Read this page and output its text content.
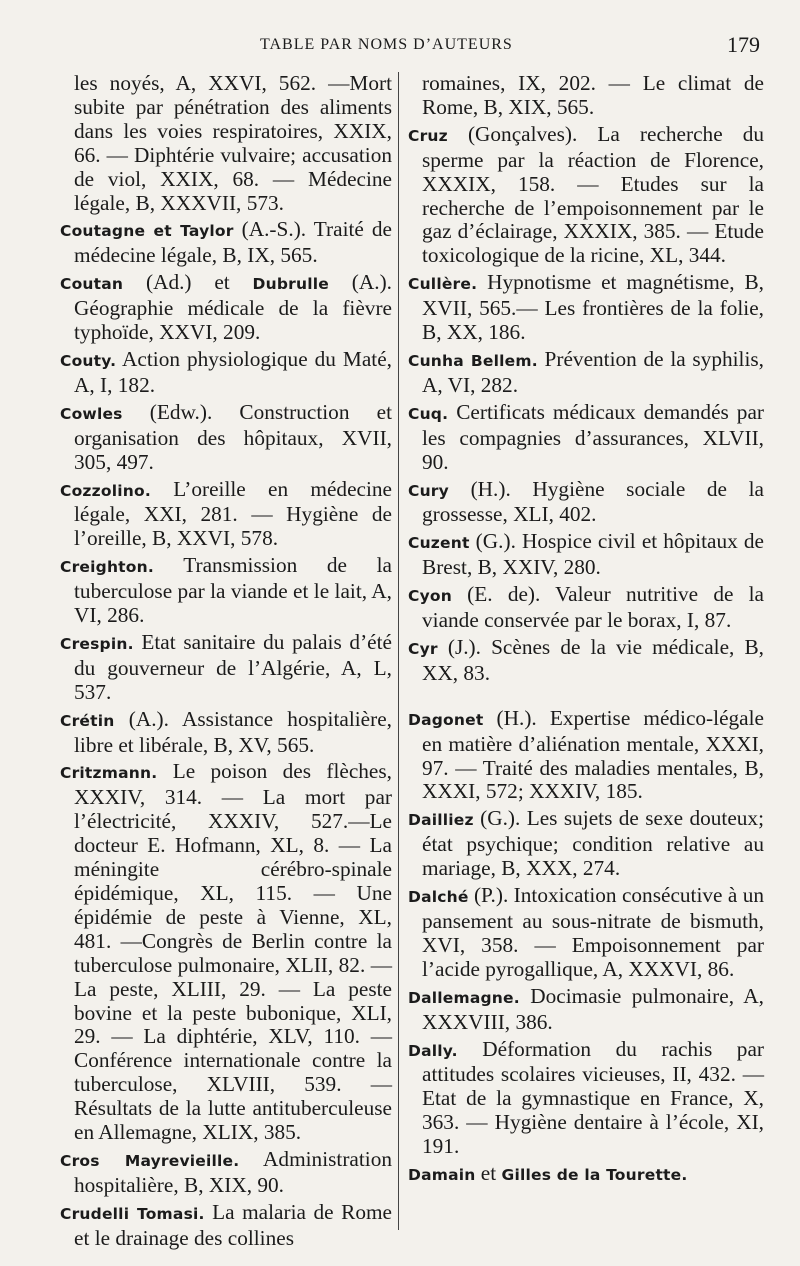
TABLE PAR NOMS D’AUTEURS	179

les noyés, A, XXVI, 562. —Mort subite par pénétration des aliments dans les voies respiratoires, XXIX, 66. — Diphtérie vulvaire; accusation de viol, XXIX, 68. — Médecine légale, B, XXXVII, 573.

Coutagne et Taylor (A.-S.). Traité de médecine légale, B, IX, 565.

Coutan (Ad.) et Dubrulle (A.). Géographie médicale de la fièvre typhoïde, XXVI, 209.

Couty. Action physiologique du Maté, A, I, 182.

Cowles (Edw.). Construction et organisation des hôpitaux, XVII, 305, 497.

Cozzolino. L’oreille en médecine légale, XXI, 281. — Hygiène de l’oreille, B, XXVI, 578.

Creighton. Transmission de la tuberculose par la viande et le lait, A, VI, 286.

Crespin. Etat sanitaire du palais d’été du gouverneur de l’Algérie, A, L, 537.

Crétin (A.). Assistance hospitalière, libre et libérale, B, XV, 565.

Critzmann. Le poison des flèches, XXXIV, 314. — La mort par l’électricité, XXXIV, 527.—Le docteur E. Hofmann, XL, 8. — La méningite cérébro-spinale épidémique, XL, 115. — Une épidémie de peste à Vienne, XL, 481. —Congrès de Berlin contre la tuberculose pulmonaire, XLII, 82. — La peste, XLIII, 29. — La peste bovine et la peste bubonique, XLI, 29. — La diphtérie, XLV, 110. — Conférence internationale contre la tuberculose, XLVIII, 539. — Résultats de la lutte antituberculeuse en Allemagne, XLIX, 385.

Cros Mayrevieille. Administration hospitalière, B, XIX, 90.

Crudelli Tomasi. La malaria de Rome et le drainage des collines

romaines, IX, 202. — Le climat de Rome, B, XIX, 565.

Cruz (Gonçalves). La recherche du sperme par la réaction de Florence, XXXIX, 158. — Etudes sur la recherche de l’empoisonnement par le gaz d’éclairage, XXXIX, 385. — Etude toxicologique de la ricine, XL, 344.

Cullère. Hypnotisme et magnétisme, B, XVII, 565.— Les frontières de la folie, B, XX, 186.

Cunha Bellem. Prévention de la syphilis, A, VI, 282.

Cuq. Certificats médicaux demandés par les compagnies d’assurances, XLVII, 90.

Cury (H.). Hygiène sociale de la grossesse, XLI, 402.

Cuzent (G.). Hospice civil et hôpitaux de Brest, B, XXIV, 280.

Cyon (E. de). Valeur nutritive de la viande conservée par le borax, I, 87.

Cyr (J.). Scènes de la vie médicale, B, XX, 83.

Dagonet (H.). Expertise médico-légale en matière d’aliénation mentale, XXXI, 97. — Traité des maladies mentales, B, XXXI, 572; XXXIV, 185.

Dailliez (G.). Les sujets de sexe douteux; état psychique; condition relative au mariage, B, XXX, 274.

Dalché (P.). Intoxication consécutive à un pansement au sous-nitrate de bismuth, XVI, 358. — Empoisonnement par l’acide pyrogallique, A, XXXVI, 86.

Dallemagne. Docimasie pulmonaire, A, XXXVIII, 386.

Dally. Déformation du rachis par attitudes scolaires vicieuses, II, 432. — Etat de la gymnastique en France, X, 363. — Hygiène dentaire à l’école, XI, 191.

Damain et Gilles de la Tourette.
